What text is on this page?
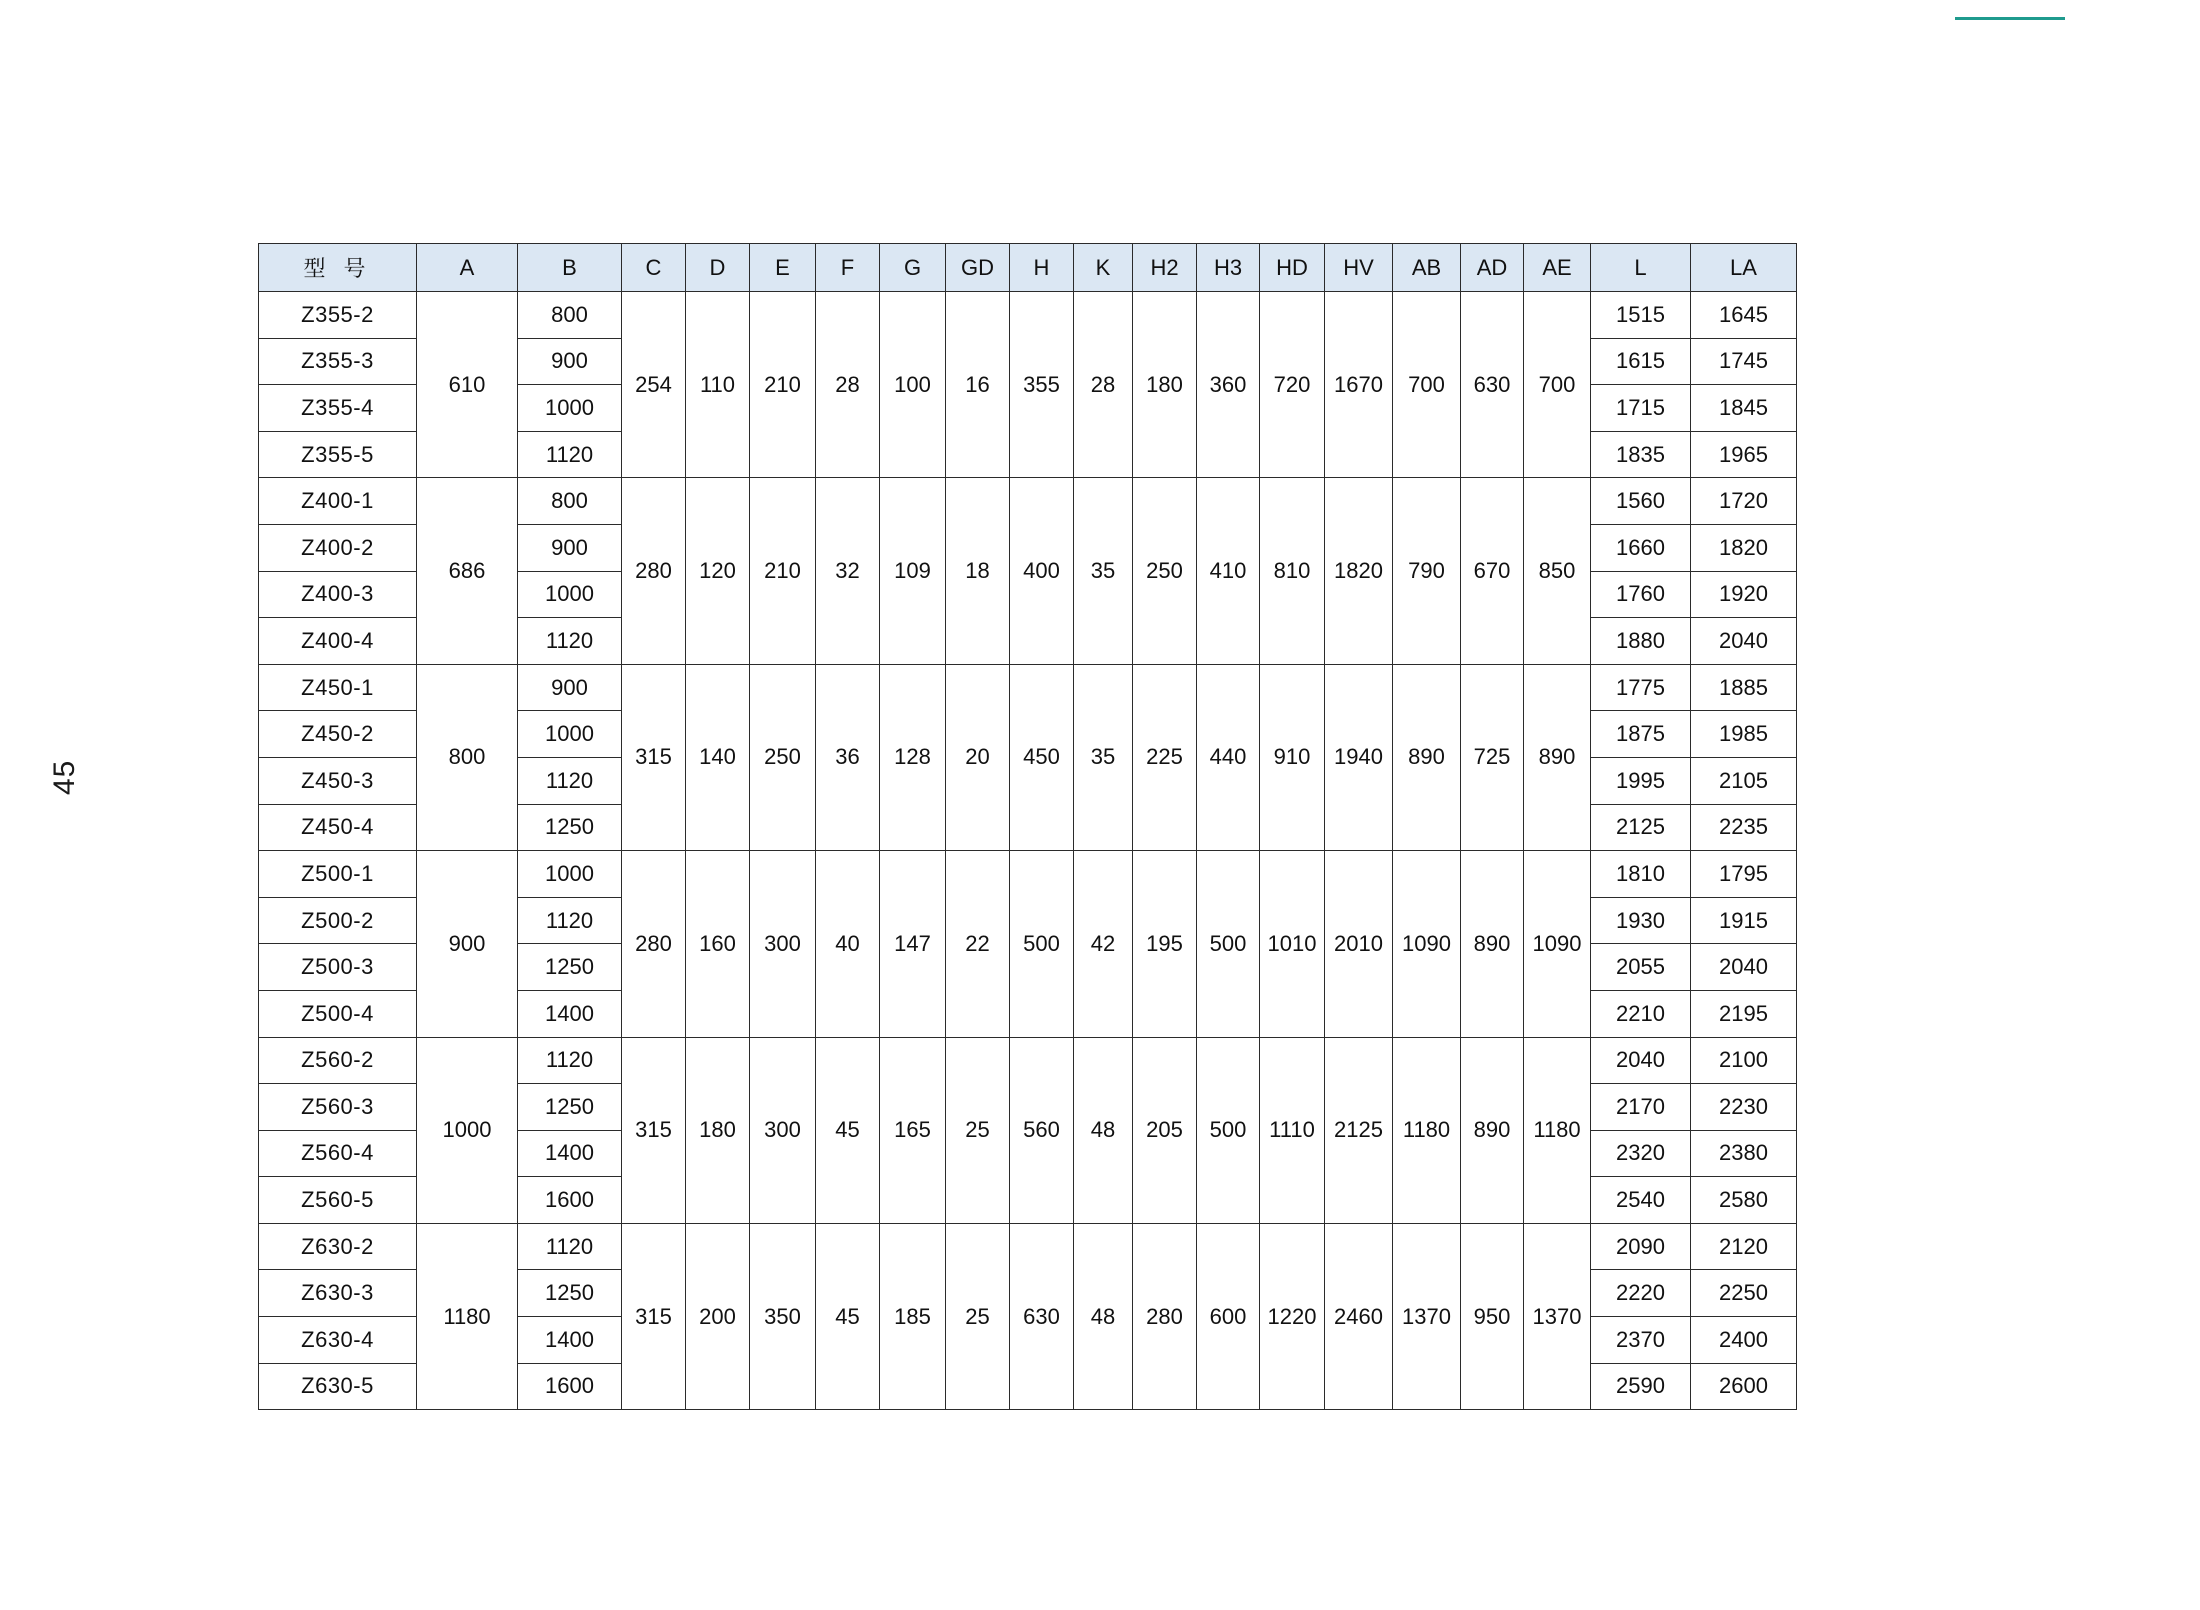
45
型 号	A	B	C	D	E	F	G	GD	H	K	H2	H3	HD	HV	AB	AD	AE	L	LA
Z355-2	610	800	254	110	210	28	100	16	355	28	180	360	720	1670	700	630	700	1515	1645
Z355-3		900																1615	1745
Z355-4		1000																1715	1845
Z355-5		1120																1835	1965
Z400-1	686	800	280	120	210	32	109	18	400	35	250	410	810	1820	790	670	850	1560	1720
Z400-2		900																1660	1820
Z400-3		1000																1760	1920
Z400-4		1120																1880	2040
Z450-1	800	900	315	140	250	36	128	20	450	35	225	440	910	1940	890	725	890	1775	1885
Z450-2		1000																1875	1985
Z450-3		1120																1995	2105
Z450-4		1250																2125	2235
Z500-1	900	1000	280	160	300	40	147	22	500	42	195	500	1010	2010	1090	890	1090	1810	1795
Z500-2		1120																1930	1915
Z500-3		1250																2055	2040
Z500-4		1400																2210	2195
Z560-2	1000	1120	315	180	300	45	165	25	560	48	205	500	1110	2125	1180	890	1180	2040	2100
Z560-3		1250																2170	2230
Z560-4		1400																2320	2380
Z560-5		1600																2540	2580
Z630-2	1180	1120	315	200	350	45	185	25	630	48	280	600	1220	2460	1370	950	1370	2090	2120
Z630-3		1250																2220	2250
Z630-4		1400																2370	2400
Z630-5		1600																2590	2600
